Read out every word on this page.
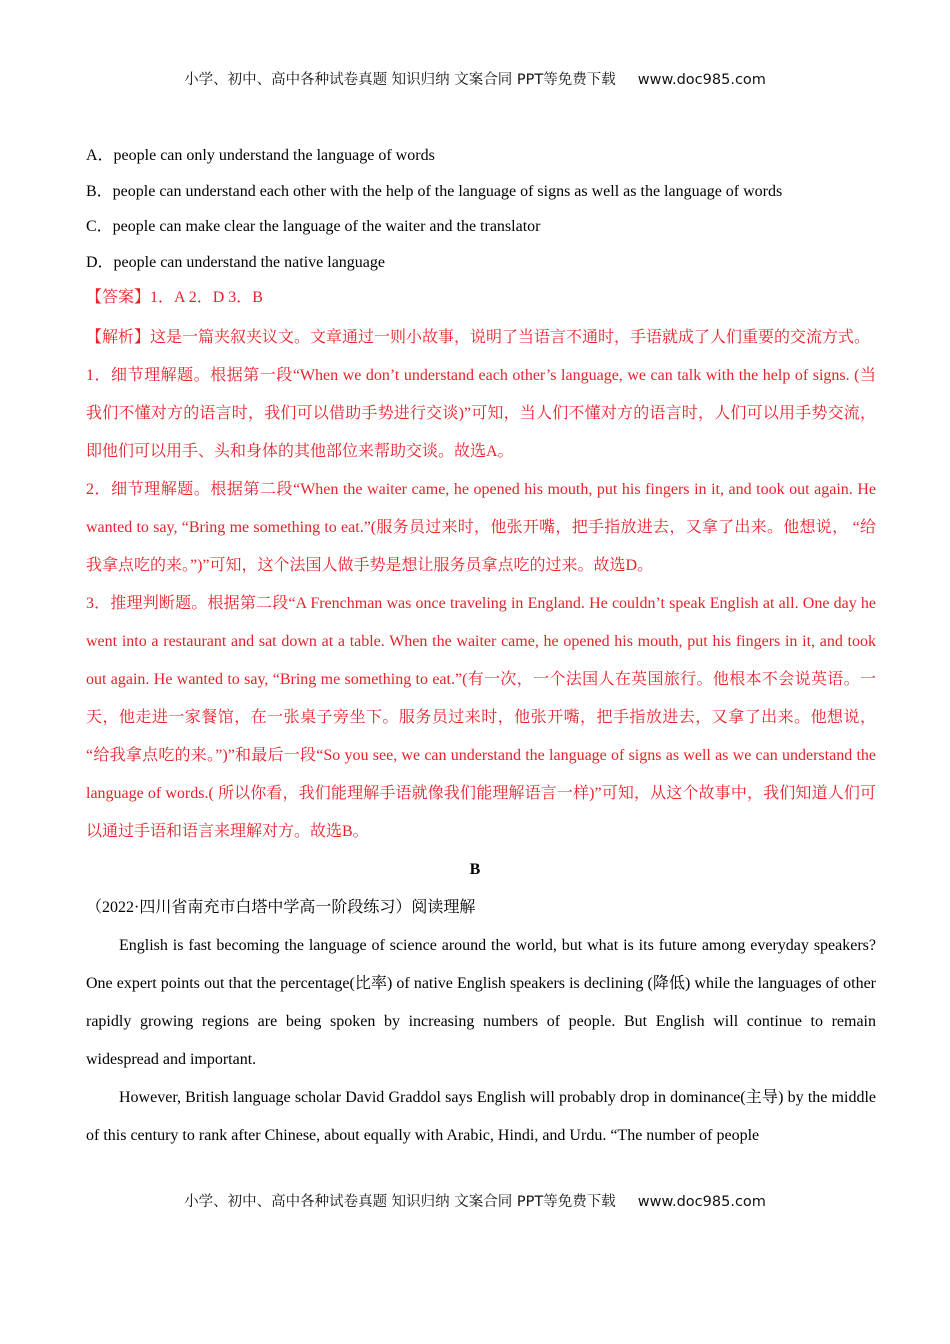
小学、初中、高中各种试卷真题 知识归纳 文案合同 PPT等免费下载 www.doc985.com
A．people can only understand the language of words
B．people can understand each other with the help of the language of signs as well as the language of words
C．people can make clear the language of the waiter and the translator
D．people can understand the native language
【答案】1．A 2．D 3．B

【解析】这是一篇夹叙夹议文。文章通过一则小故事，说明了当语言不通时，手语就成了人们重要的交流方式。

1．细节理解题。根据第一段“When we don’t understand each other’s language, we can talk with the help of signs. (当我们不懂对方的语言时，我们可以借助手势进行交谈)”可知，当人们不懂对方的语言时，人们可以用手势交流，即他们可以用手、头和身体的其他部位来帮助交谈。故选A。

2．细节理解题。根据第二段“When the waiter came, he opened his mouth, put his fingers in it, and took out again. He wanted to say, “Bring me something to eat.”(服务员过来时，他张开嘴，把手指放进去，又拿了出来。他想说， “给我拿点吃的来。”)”可知，这个法国人做手势是想让服务员拿点吃的过来。故选D。

3．推理判断题。根据第二段“A Frenchman was once traveling in England. He couldn’t speak English at all. One day he went into a restaurant and sat down at a table. When the waiter came, he opened his mouth, put his fingers in it, and took out again. He wanted to say, “Bring me something to eat.”(有一次，一个法国人在英国旅行。他根本不会说英语。一天，他走进一家餐馆，在一张桌子旁坐下。服务员过来时，他张开嘴，把手指放进去，又拿了出来。他想说， “给我拿点吃的来。”)”和最后一段“So you see, we can understand the language of signs as well as we can understand the language of words.( 所以你看，我们能理解手语就像我们能理解语言一样)”可知，从这个故事中，我们知道人们可以通过手语和语言来理解对方。故选B。

B
（2022·四川省南充市白塔中学高一阶段练习）阅读理解

English is fast becoming the language of science around the world, but what is its future among everyday speakers? One expert points out that the percentage(比率) of native English speakers is declining (降低) while the languages of other rapidly growing regions are being spoken by increasing numbers of people. But English will continue to remain widespread and important.

However, British language scholar David Graddol says English will probably drop in dominance(主导) by the middle of this century to rank after Chinese, about equally with Arabic, Hindi, and Urdu. “The number of people

小学、初中、高中各种试卷真题 知识归纳 文案合同 PPT等免费下载 www.doc985.com
